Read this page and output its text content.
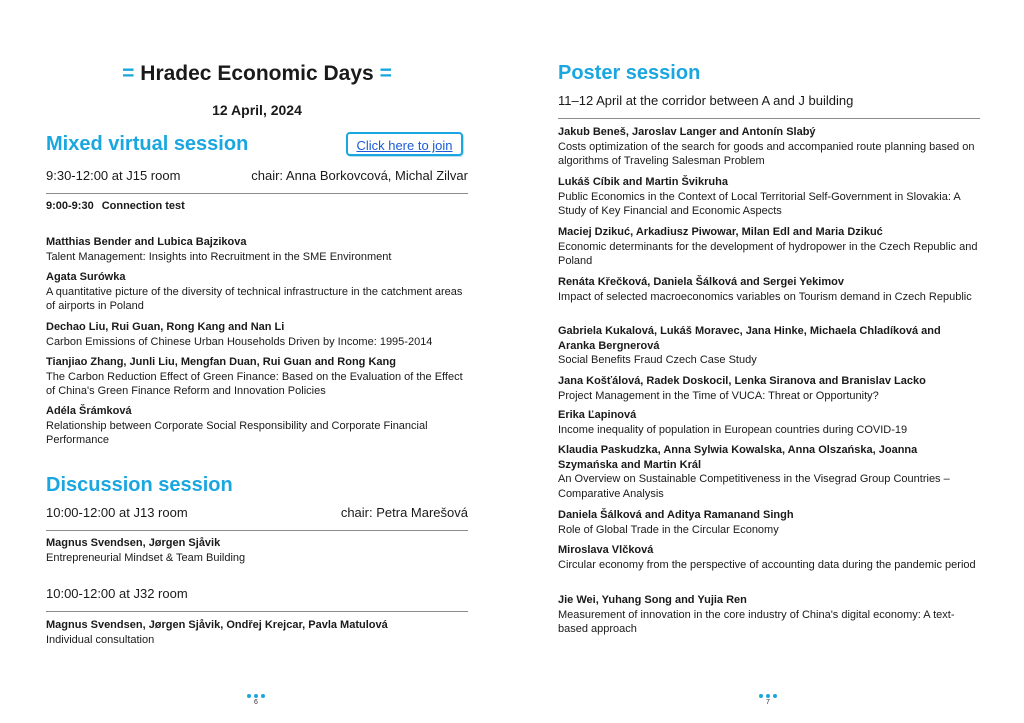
= Hradec Economic Days =

12 April, 2024

Mixed virtual session	Click here to join
9:30-12:00 at J15 room	chair: Anna Borkovcová, Michal Zilvar
9:00-9:30 Connection test
Matthias Bender and Lubica Bajzikova
Talent Management: Insights into Recruitment in the SME Environment
Agata Surówka
A quantitative picture of the diversity of technical infrastructure in the catchment areas of airports in Poland
Dechao Liu, Rui Guan, Rong Kang and Nan Li
Carbon Emissions of Chinese Urban Households Driven by Income: 1995-2014
Tianjiao Zhang, Junli Liu, Mengfan Duan, Rui Guan and Rong Kang
The Carbon Reduction Effect of Green Finance: Based on the Evaluation of the Effect of China's Green Finance Reform and Innovation Policies
Adéla Šrámková
Relationship between Corporate Social Responsibility and Corporate Financial Performance
Discussion session
10:00-12:00 at J13 room	chair: Petra Marešová
Magnus Svendsen, Jørgen Sjåvik
Entrepreneurial Mindset & Team Building
10:00-12:00 at J32 room
Magnus Svendsen, Jørgen Sjåvik, Ondřej Krejcar, Pavla Matulová
Individual consultation
6
Poster session

11–12 April at the corridor between A and J building

Jakub Beneš, Jaroslav Langer and Antonín Slabý
Costs optimization of the search for goods and accompanied route planning based on algorithms of Traveling Salesman Problem
Lukáš Cíbik and Martin Švikruha
Public Economics in the Context of Local Territorial Self-Government in Slovakia: A Study of Key Financial and Economic Aspects
Maciej Dzikuć, Arkadiusz Piwowar, Milan Edl and Maria Dzikuć
Economic determinants for the development of hydropower in the Czech Republic and Poland
Renáta Křečková, Daniela Šálková and Sergei Yekimov
Impact of selected macroeconomics variables on Tourism demand in Czech Republic
Gabriela Kukalová, Lukáš Moravec, Jana Hinke, Michaela Chladíková and Aranka Bergnerová
Social Benefits Fraud Czech Case Study
Jana Košťálová, Radek Doskocil, Lenka Siranova and Branislav Lacko
Project Management in the Time of VUCA: Threat or Opportunity?
Erika Ľapinová
Income inequality of population in European countries during COVID-19
Klaudia Paskudzka, Anna Sylwia Kowalska, Anna Olszańska, Joanna Szymańska and Martin Král
An Overview on Sustainable Competitiveness in the Visegrad Group Countries – Comparative Analysis
Daniela Šálková and Aditya Ramanand Singh
Role of Global Trade in the Circular Economy
Miroslava Vlčková
Circular economy from the perspective of accounting data during the pandemic period
Jie Wei, Yuhang Song and Yujia Ren
Measurement of innovation in the core industry of China's digital economy: A text-based approach
7
